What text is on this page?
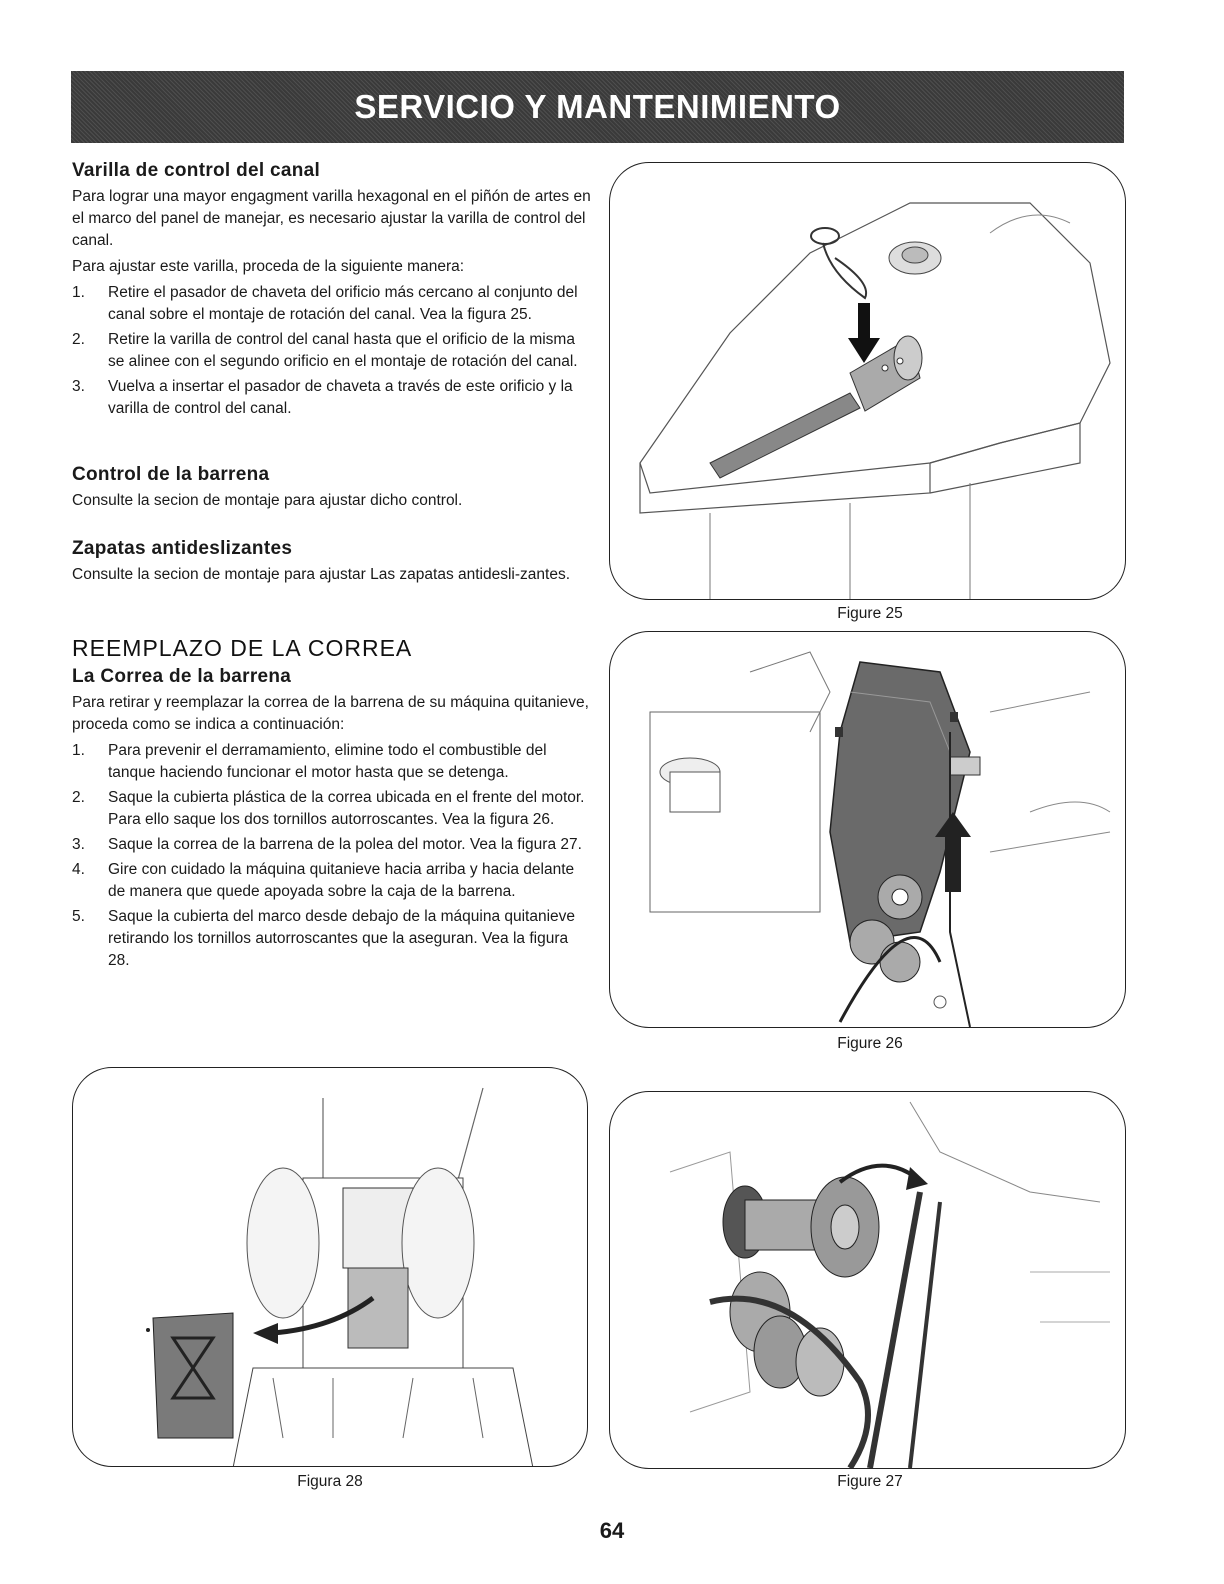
SERVICIO Y MANTENIMIENTO
Varilla de control del canal

Para lograr una mayor engagment varilla hexagonal en el piñón de artes en el marco del panel de manejar, es necesario ajustar la varilla de control del canal.

Para ajustar este varilla, proceda de la siguiente manera:

1.	Retire el pasador de chaveta del orificio más cercano al conjunto del canal sobre el montaje de rotación del canal. Vea la figura 25.
2.	Retire la varilla de control del canal hasta que el orificio de la misma se alinee con el segundo orificio en el montaje de rotación del canal.
3.	Vuelva a insertar el pasador de chaveta a través de este orificio y la varilla de control del canal.
Control de la barrena

Consulte la secion de montaje para ajustar dicho control.

Zapatas antideslizantes

Consulte la secion de montaje para ajustar Las zapatas antidesli-zantes.

REEMPLAZO DE LA CORREA
La Correa de la barrena

Para retirar y reemplazar la correa de la barrena de su máquina quitanieve, proceda como se indica a continuación:

1.	Para prevenir el derramamiento, elimine todo el combustible del tanque haciendo funcionar el motor hasta que se detenga.
2.	Saque la cubierta plástica de la correa ubicada en el frente del motor. Para ello saque los dos tornillos autorroscantes. Vea la figura 26.
3.	Saque la correa de la barrena de la polea del motor. Vea la figura 27.
4.	Gire con cuidado la máquina quitanieve hacia arriba y hacia delante de manera que quede apoyada sobre la caja de la barrena.
5.	Saque la cubierta del marco desde debajo de la máquina quitanieve retirando los tornillos autorroscantes que la aseguran. Vea la figura 28.
Figure 25
Figure 26
Figura 28	Figure 27
64
